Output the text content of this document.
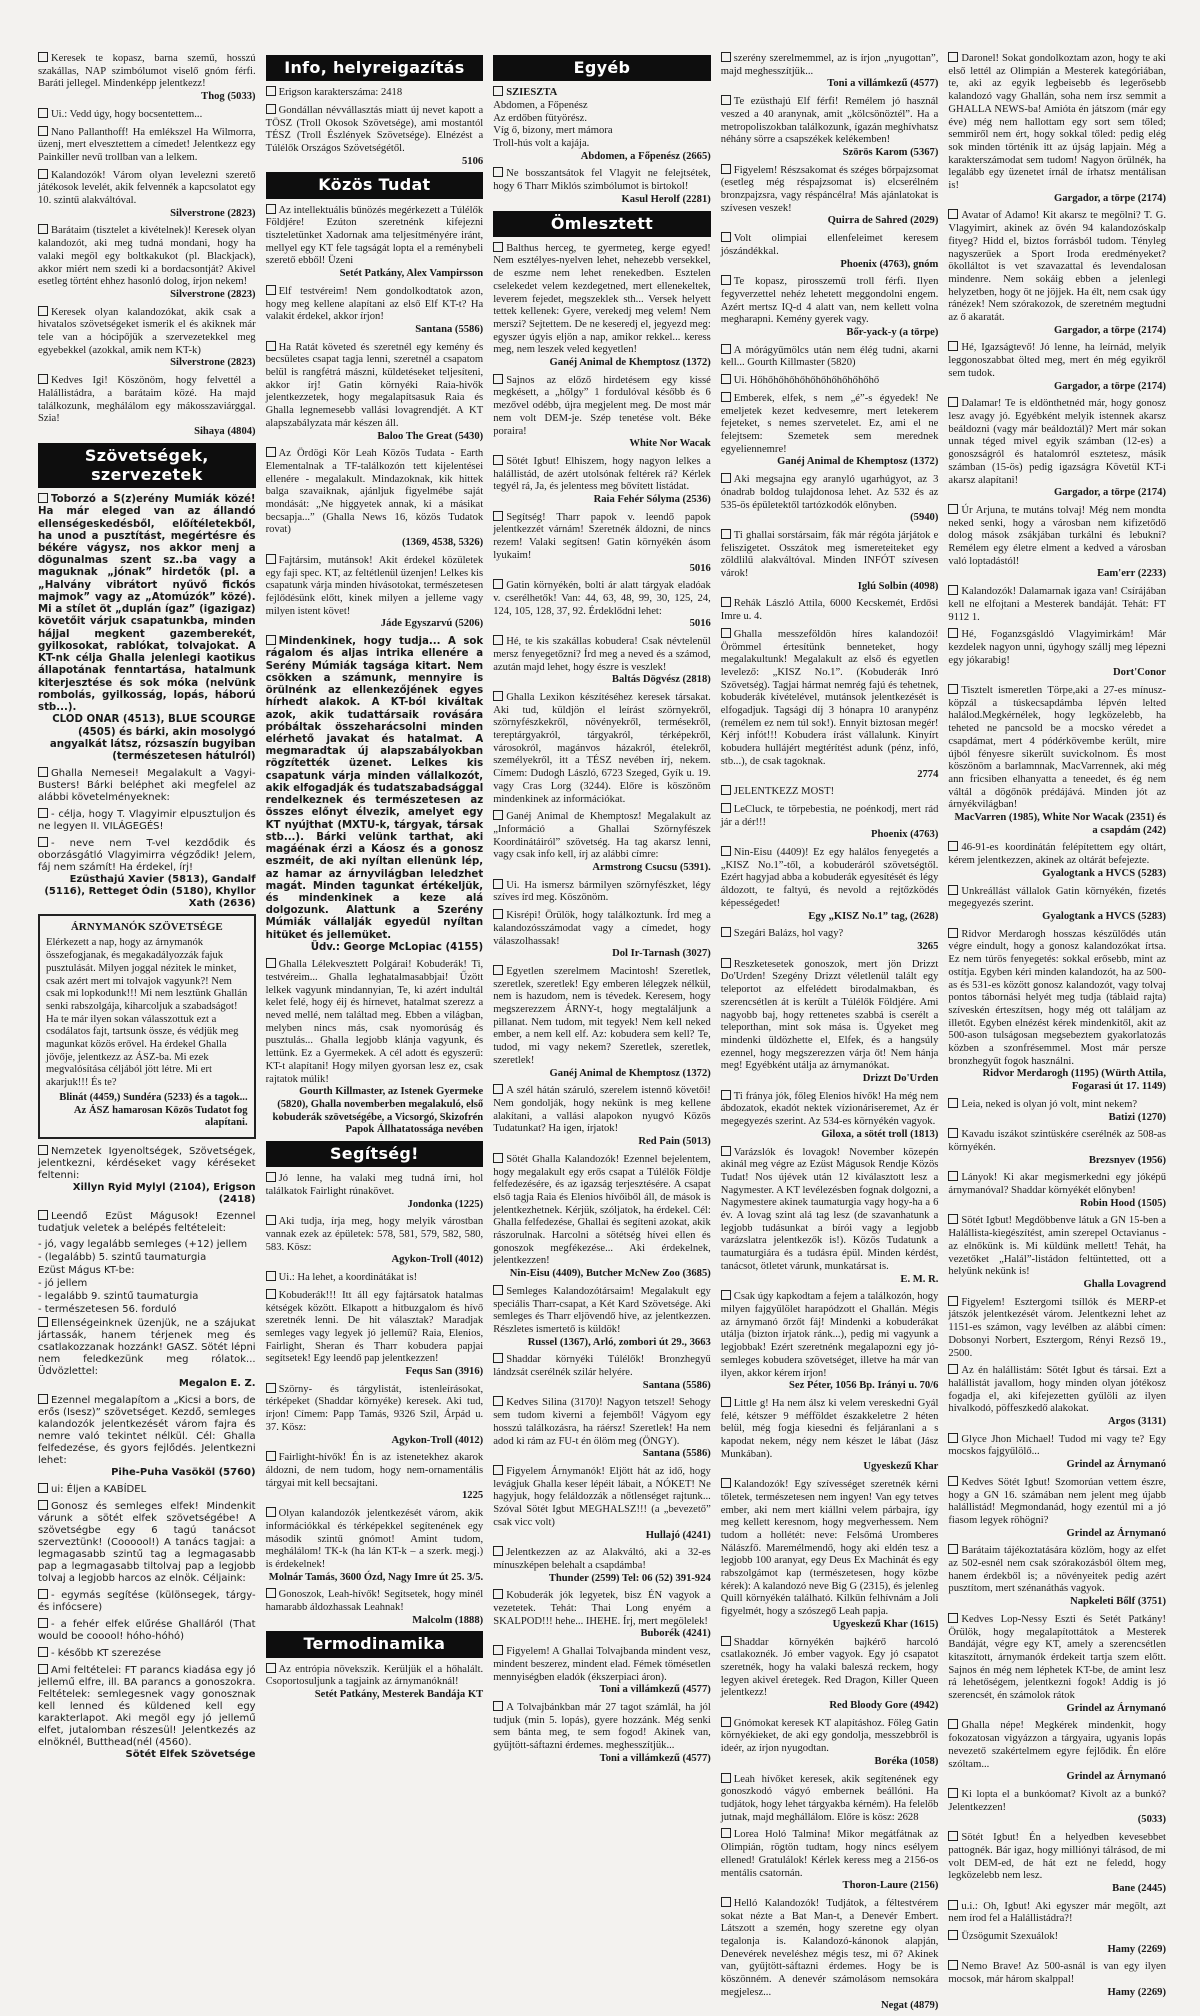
Keresek te kopasz, barna szemű, hosszú szakállas, NAP szimbólumot viselő gnóm férfi. Baráti jellegel. Mindenképp jelentkezz!
Thog (5033)

Ui.: Vedd úgy, hogy bocsentettem...

Nano Pallanthoff! Ha emlékszel Ha Wilmorra, üzenj, mert elvesztettem a címedet! Jelentkezz egy Painkiller nevű trollban van a lelkem.

Kalandozók! Várom olyan levelezni szerető játékosok levelét, akik felvennék a kapcsolatot egy 10. szintű alakváltóval.
Silverstrone (2823)

Barátaim (tisztelet a kivételnek)! Keresek olyan kalandozót, aki meg tudná mondani, hogy ha valaki megöl egy boltkakukot (pl. Blackjack), akkor miért nem szedi ki a bordacsontját? Akivel esetleg történt ehhez hasonló dolog, írjon nekem!
Silverstrone (2823)

Keresek olyan kalandozókat, akik csak a hivatalos szövetségeket ismerik el és akiknek már tele van a hócipőjük a szervezetekkel meg egyebekkel (azokkal, amik nem KT-k)
Silverstrone (2823)

Kedves Igi! Köszönöm, hogy felvettél a Halállistádra, a barátaim közé. Ha majd találkozunk, meghálálom egy mákosszaviárggal. Szia!
Sihaya (4804)

Szövetségek, szervezetek

Toborzó a S(z)erény Mumiák közé! Ha már eleged van az állandó ellenségeskedésből, előítéletekből, ha unod a pusztítást, megértésre és békére vágysz, nos akkor menj a dögunalmas szent sz..ba vagy a maguknak „jónak” hirdetők (pl. a „Halvány vibrátort nyűvő fickós majmok” vagy az „Atomúzók” közé). Mi a stílet öt „duplán ígaz” (igazigaz) követőit várjuk csapatunkba, minden hájjal megkent gazemberekét, gyilkosokat, rablókat, tolvajokat. A KT-nk célja Ghalla jelenlegi kaotikus állapotának fenntartása, hatalmunk kiterjesztése és sok móka (nelvünk rombolás, gyilkosság, lopás, háború stb...).
CLOD ONAR (4513), BLUE SCOURGE (4505) és bárki, akin mosolygó angyalkát látsz, rózsaszín bugyiban (természetesen hátulról)

Ghalla Nemesei! Megalakult a Vagyi-Busters! Bárki beléphet aki megfelel az alábbi követelményeknek:

- célja, hogy T. Vlagyimir elpusztuljon és ne legyen II. VILÁGEGÉS!

- neve nem T-vel kezdődik és oborzásgátló Vlagyimirra végződik! Jelem, fáj nem számít! Ha érdekel, írj!
Ezüsthajú Xavier (5813), Gandalf (5116), Retteget Ódin (5180), Khyllor Xath (2636)

ÁRNYMANÓK SZÖVETSÉGE

Elérkezett a nap, hogy az árnymanók összefogjanak, és megakadályozzák fajuk pusztulását. Milyen joggal nézitek le minket, csak azért mert mi tolvajok vagyunk?! Nem csak mi lopkodunk!!! Mi nem lesztünk Ghallán senki rabszolgája, kiharcoljuk a szabadságot! Ha te már ilyen sokan válasszottuk ezt a csodálatos fajt, tartsunk össze, és védjük meg magunkat közös erővel. Ha érdekel Ghalla jövője, jelentkezz az ÁSZ-ba. Mi ezek megvalósítása céljából jött létre. Mi ert akarjuk!!! És te?

Blinát (4459,) Sundéra (5233) és a tagok... Az ÁSZ hamarosan Közös Tudatot fog alapítani.

Nemzetek Igyenoltségek, Szövetségek, jelentkezni, kérdéseket vagy kéréseket feltenni:
Xillyn Ryid Mylyl (2104), Erigson (2418)

Leendő Ezüst Mágusok! Ezennel tudatjuk veletek a belépés feltételeit:

- jó, vagy legalább semleges (+12) jellem
- (legalább) 5. szintű taumaturgia
Ezüst Mágus KT-be:
- jó jellem
- legalább 9. szintű taumaturgia
- természetesen 56. forduló

Ellenségeinknek üzenjük, ne a szájukat jártassák, hanem térjenek meg és csatlakozzanak hozzánk! GASZ. Sötét lépni nem feledkezünk meg rólatok... Üdvözlettel:
Megalon E. Z.

Ezennel megalapítom a „Kicsi a bors, de erős (Isesz)” szövetséget. Kezdő, semleges kalandozók jelentkezését várom fajra és nemre való tekintet nélkül. Cél: Ghalla felfedezése, és gyors fejlődés. Jelentkezni lehet:
Pihe-Puha Vasököl (5760)

ui: Éljen a KABÍDEL

Gonosz és semleges elfek! Mindenkit várunk a sötét elfek szövetségébe! A szövetségbe egy 6 tagú tanácsot szerveztünk! (Coooool!) A tanács tagjai: a legmagasabb szintű tag a legmagasabb pap a legmagasabb tiltolvaj pap a legjobb tolvaj a legjobb harcos az elnök. Céljaink:

- egymás segítése (különsegek, tárgy- és infócsere)

- a fehér elfek elűrése Ghalláról (That would be cooool! hóho-hóhó)

- később KT szerezése

Ami feltételei: FT parancs kiadása egy jó jellemű elfre, ill. BA parancs a gonoszokra. Feltételek: semlegesnek vagy gonosznak kell lenned és küldened kell egy karakterlapot. Aki megöl egy jó jellemű elfet, jutalomban részesül! Jelentkezés az elnöknél, Butthead(nél (4560).
Sötét Elfek Szövetsége

Info, helyreigazítás

Erigson karakterszáma: 2418

Gondállan névvállasztás miatt új nevet kapott a TÖSZ (Troll Okosok Szövetsége), ami mostantól TÉSZ (Troll Észlények Szövetsége). Elnézést a Túlélők Országos Szövetségétől.
5106

Közös Tudat

Az intellektuális bűnözés megérkezett a Túlélők Földjére! Ezúton szeretnénk kifejezni tiszteletünket Xadornak ama teljesítményére iránt, mellyel egy KT fele tagságát lopta el a reménybeli szerető ebből! Üzeni
Setét Patkány, Alex Vampirsson

Elf testvéreim! Nem gondolkodtatok azon, hogy meg kellene alapítani az első Elf KT-t? Ha valakit érdekel, akkor írjon!
Santana (5586)

Ha Ratát követed és szeretnél egy kemény és becsületes csapat tagja lenni, szeretnél a csapatom belül is rangfétrá mászni, küldetéseket teljesíteni, akkor írj! Gatin környéki Raia-hivők jelentkezzetek, hogy megalapítsasuk Raia és Ghalla legnemesebb vallási lovagrendjét. A KT alapszabályzata már készen áll.
Baloo The Great (5430)

Az Ördögi Kör Leah Közös Tudata - Earth Elementalnak a TF-találkozón tett kijelentései ellenére - megalakult. Mindazoknak, kik hittek balga szavaiknak, ajánljuk figyelmébe saját mondását: „Ne higgyetek annak, ki a másikat becsapja...” (Ghalla News 16, közös Tudatok rovat)
(1369, 4538, 5326)

Fajtársim, mutánsok! Akit érdekel közületek egy faji spec. KT, az feltétlenül üzenjen! Lelkes kis csapatunk várja minden hívásotokat, természetesen fejlődésünk előtt, kinek milyen a jelleme vagy milyen istent követ!
Jáde Egyszarvú (5206)

Mindenkinek, hogy tudja... A sok rágalom és aljas intrika ellenére a Serény Múmiák tagsága kitart. Nem csökken a számunk, mennyire is örülnénk az ellenkezőjének egyes hírhedt alakok. A KT-ból kiváltak azok, akik tudattársaik rovására próbáltak összeharácsolni minden elérhető javakat és hatalmat. A megmaradtak új alapszabályokban rögzítették üzenet. Lelkes kis csapatunk várja minden vállalkozót, akik elfogadják és tudatszabadsággal rendelkeznek és természetesen az összes előnyt élvezik, amelyet egy KT nyújthat (MXTU-k, tárgyak, társak stb...). Bárki velünk tarthat, aki magáénak érzi a Káosz és a gonosz eszméit, de aki nyíltan ellenünk lép, az hamar az árnyvilágban leledzhet magát. Minden tagunkat értékeljük, és mindenkinek a keze alá dolgozunk. Alattunk a Szerény Múmiák vállalják egyedül nyíltan hitüket és jellemüket.
Üdv.: George McLopiac (4155)

Ghalla Lélekvesztett Polgárai! Kobuderák! Ti, testvéreim... Ghalla leghatalmasabbjai! Űzött lelkek vagyunk mindannyian, Te, ki azért indultál kelet felé, hogy éij és hírnevet, hatalmat szerezz a neved mellé, nem találtad meg. Ebben a világban, melyben nincs más, csak nyomorúság és pusztulás... Ghalla legjobb klánja vagyunk, és lettünk. Ez a Gyermekek. A cél adott és egyszerű: KT-t alapítani! Hogy milyen gyorsan lesz ez, csak rajtatok múlik!
Gourth Killmaster, az Istenek Gyermeke (5820), Ghalla novemberben megalakuló, első kobuderák szövetségébe, a Vicsorgó, Skizofrén Papok Állhatatossága nevében

Segítség!

Jó lenne, ha valaki meg tudná írni, hol találkatok Fairlight rúnakövet.
Jondonka (1225)

Aki tudja, írja meg, hogy melyik várostban vannak ezek az épületek: 578, 581, 579, 582, 580, 583. Kösz:
Agykon-Troll (4012)

Ui.: Ha lehet, a koordinátákat is!

Kobuderák!!! Itt áll egy fajtársatok hatalmas kétségek között. Elkapott a hitbuzgalom és hívő szeretnék lenni. De hit választak? Maradjak semleges vagy legyek jó jellemű? Raia, Elenios, Fairlight, Sheran és Tharr kobudera papjai segítsetek! Egy leendő pap jelentkezzen!
Fequs San (3916)

Szörny- és tárgylistát, istenleírásokat, térképeket (Shaddar környéke) keresek. Aki tud, írjon! Címem: Papp Tamás, 9326 Szil, Árpád u. 37. Kösz:
Agykon-Troll (4012)

Fairlight-hívők! Én is az istenetekhez akarok áldozni, de nem tudom, hogy nem-ornamentális tárgyai mit kell becsajtani.
1225

Olyan kalandozók jelentkezését várom, akik információkkal és térképekkel segítenének egy második szintű gnómot! Amint tudom, meghálálom! TK-k (ha lán KT-k – a szerk. megj.) is érdekelnek!
Molnár Tamás, 3600 Ózd, Nagy Imre út 25. 3/5.

Gonoszok, Leah-hívők! Segítsetek, hogy minél hamarabb áldozhassak Leahnak!
Malcolm (1888)

Termodinamika

Az entrópia növekszik. Kerüljük el a hőhalált. Csoportosuljunk a tagjaink az árnymanóknál!
Setét Patkány, Mesterek Bandája KT

Egyéb

SZIESZTA
Abdomen, a Főpenész
Az erdőben fütyörész.
Víg ő, bizony, mert mámora
Troll-hús volt a kajája.
Abdomen, a Főpenész (2665)

Ne bosszantsátok fel Vlagyit ne felejtsétek, hogy 6 Tharr Miklós szimbólumot is birtokol!
Kasul Herolf (2281)

Ömlesztett

Balthus herceg, te gyermeteg, kerge egyed! Nem esztélyes-nyelven lehet, nehezebb versekkel, de eszme nem lehet renekedben. Esztelen cselekedet velem kezdegetned, mert ellenekeltek, leverem fejedet, megszeklek sth... Versek helyett tettek kellenek: Gyere, verekedj meg velem! Nem merszi? Sejtettem. De ne keseredj el, jegyezd meg: egyszer úgyis eljön a nap, amikor rekkel... keress meg, nem leszek veled kegyetlen!
Ganéj Animal de Khemptosz (1372)

Sajnos az előző hirdetésem egy kissé megkésett, a „hőlgy” 1 fordulóval később és 6 mezővel odébb, újra megjelent meg. De most már nem volt DEM-je. Szép tenetése volt. Béke poraira!
White Nor Wacak

Sötét Igbut! Elhiszem, hogy nagyon lelkes a halállistád, de azért utolsónak feltérek rá? Kérlek tegyél rá, Ja, és jelentess meg bővített listádat.
Raia Fehér Sólyma (2536)

Segítség! Tharr papok v. leendő papok jelentkezzét várnám! Szeretnék áldozni, de nincs rezem! Valaki segítsen! Gatin környékén ásom lyukaim!
5016

Gatin környékén, bolti ár alatt tárgyak eladóak v. cserélhetők! Van: 44, 63, 48, 99, 30, 125, 24, 124, 105, 128, 37, 92. Érdeklődni lehet:
5016

Hé, te kis szakállas kobudera! Csak névtelenül mersz fenyegetőzni? Írd meg a neved és a számod, azután majd lehet, hogy észre is veszlek!
Baltás Dögvész (2818)

Ghalla Lexikon készítéséhez keresek társakat. Aki tud, küldjön el leírást szörnyekről, szörnyfészkekről, növényekről, termésekről, tereptárgyakról, tárgyakról, térképekről, városokról, magánvos házakról, ételekről, személyekről, itt a TÉSZ nevében írj, nekem. Címem: Dudogh László, 6723 Szeged, Gyík u. 19. vagy Cras Lorg (3244). Előre is köszönöm mindenkinek az információkat.

Ganéj Animal de Khemptosz! Megalakult az „Információ a Ghallai Szörnyfészek Koordinátáiról” szövetség. Ha tag akarsz lenni, vagy csak info kell, írj az alábbi címre:
Armstrong Csucsu (5391).

Ui. Ha ismersz bármilyen szörnyfészket, légy szíves írd meg. Köszönöm.

Kisrépi! Örülök, hogy találkoztunk. Írd meg a kalandozósszámodat vagy a címedet, hogy válaszolhassak!
Dol Ir-Tarnash (3027)

Egyetlen szerelmem Macintosh! Szeretlek, szeretlek, szeretlek! Egy emberen lélegzek nélkül, nem is hazudom, nem is tévedek. Keresem, hogy megszerezzem ÁRNY-t, hogy megtaláljunk a pillanat. Nem tudom, mit tegyek! Nem kell neked ember, a nem kell elf. Az: kobudera sem kell? Te, tudod, mi vagy nekem? Szeretlek, szeretlek, szeretlek!
Ganéj Animal de Khemptosz (1372)

A szél hátán száruló, szerelem istennő követői! Nem gondolják, hogy nekünk is meg kellene alakítani, a vallási alapokon nyugvó Közös Tudatunkat? Ha igen, írjatok!
Red Pain (5013)

Sötét Ghalla Kalandozók! Ezennel bejelentem, hogy megalakult egy erős csapat a Túlélők Földje felfedezésére, és az igazság terjesztésére. A csapat első tagja Raia és Elenios hívőiből áll, de mások is jelentkezhetnek. Kérjük, szóljatok, ha érdekel. Cél: Ghalla felfedezése, Ghallai és segíteni azokat, akik rászorulnak. Harcolni a sötétség hívei ellen és gonoszok megfékezése... Aki érdekelnek, jelentkezzen!
Nin-Eisu (4409), Butcher McNew Zoo (3685)

Semleges Kalandozótársaim! Megalakult egy speciális Tharr-csapat, a Két Kard Szövetsége. Aki semleges és Tharr eljövendő híve, az jelentkezzen. Részletes ismertető is küldök!
Russel (1367), Arló, zombori út 29., 3663

Shaddar környéki Túlélők! Bronzhegyű lándzsát cserélnék szilár helyére.
Santana (5586)

Kedves Silina (3170)! Nagyon tetszel! Sehogy sem tudom kiverni a fejemből! Vágyom egy hosszú találkozásra, ha ráérsz! Szeretlek! Ha nem adod ki rám az FU-t én ölöm meg (ÖNGY).
Santana (5586)

Figyelem Árnymanók! Eljött hát az idő, hogy levágjuk Ghalla keser lépéit lábait, a NÓKET! Ne hagyjuk, hogy feláldozzák a nőtlenséget rajtunk... Szóval Sötét Igbut MEGHALSZ!!! (a „bevezető” csak vicc volt)
Hullajó (4241)

Jelentkezzen az az Alakváltó, aki a 32-es mínuszképen belehalt a csapdámba!
Thunder (2599) Tel: 06 (52) 391-924

Kobuderák jók legyetek, bisz ÉN vagyok a vezetetek. Tehát: Thai Long enyém a SKALPOD!!! hehe... IHEHE. Írj, mert megölelek!
Buborék (4241)

Figyelem! A Ghallai Tolvajbanda mindent vesz, mindent beszerez, mindent elad. Fémek tömésetlen mennyiségben eladók (ékszerpiaci áron).
Toni a villámkezű (4577)

A Tolvajbánkban már 27 tagot számlál, ha jól tudjuk (min 5. lopás), gyere hozzánk. Még senki sem bánta meg, te sem fogod! Akinek van, gyűjtött-sáftazni érdemes. meghesszítjük...
Toni a villámkezű (4577)

szerény szerelmemmel, az is írjon „nyugottan”, majd meghesszítjük...
Toni a villámkezű (4577)

Te ezüsthajú Elf férfi! Remélem jó használ veszed a 40 aranynak, amit „kölcsönöztél”. Ha a metropoliszokban találkozunk, ígazán meghívhatsz néhány sörre a csapszékek kelékemben!
Szörös Karom (5367)

Figyelem! Részsakomat és széges bőrpajzsomat (esetleg még réspajzsomat is) elcserélném bronzpajzsra, vagy réspáncélra! Más ajánlatokat is szívesen veszek!
Quirra de Sahred (2029)

Volt olimpiai ellenfeleimet keresem jószándékkal.
Phoenix (4763), gnóm

Te kopasz, pirosszemű troll férfi. Ilyen fegyverzettel nehéz lehetett meggondolni engem. Azért mertsz IQ-d 4 alatt van, nem kellett volna megharapni. Kemény gyerek vagy.
Bőr-yack-y (a törpe)

A mórágyűmölcs után nem élég tudni, akarni kell... Gourth Killmaster (5820)

Ui. Hőhőhőhőhőhőhőhőhőhőhőhő

Emberek, elfek, s nem „é”-s égyedek! Ne emeljetek kezet kedvesemre, mert letekerem fejeteket, s nemes szervetelet. Ez, ami el ne felejtsem: Szemetek sem merednek egyeliennemre!
Ganéj Animal de Khemptosz (1372)

Aki megsajna egy aranyló ugarhúgyot, az 3 ónadrab boldog tulajdonosa lehet. Az 532 és az 535-ös épületektől tartózkodók előnyben.
(5940)

Ti ghallai sorstársaim, fák már régóta járjátok e feliszigetet. Osszátok meg ismereteiteket egy zöldlilű alakváltóval. Minden INFÓT szívesen várok!
Iglú Solbin (4098)

Rehák László Attila, 6000 Kecskemét, Erdősi Imre u. 4.

Ghalla messzeföldön híres kalandozói! Örömmel értesítünk benneteket, hogy megalakultunk! Megalakult az első és egyetlen levelező: „KISZ No.1”. (Kobuderák Inró Szövetség). Tagjai hármat nemrég fajú és tehetnek, kobuderák kívételével, mutánsok jelentkezését is elfogadjuk. Tagsági díj 3 hónapra 10 aranypénz (remélem ez nem túl sok!). Ennyit biztosan megér! Kérj infót!!! Kobudera írást vállalunk. Kinyírt kobudera hullájért megtérítést adunk (pénz, infó, stb...), de csak tagoknak.
2774

JELENTKEZZ MOST!

LeCluck, te törpebestia, ne poénkodj, mert rád jár a dér!!!
Phoenix (4763)

Nin-Eisu (4409)! Ez egy halálos fenyegetés a „KISZ No.1”-től, a kobuderáról szövetségtől. Ezért hagyjad abba a kobuderák egyesítését és légy áldozott, te faltyú, és nevold a rejtőzködés képességedet!
Egy „KISZ No.1” tag, (2628)

Szegári Balázs, hol vagy?
3265

Reszketesetek gonoszok, mert jön Drizzt Do'Urden! Szegény Drizzt véletlenül talált egy teleportot az elfelédett birodalmakban, és szerencsétlen át is került a Túlélők Földjére. Ami nagyobb baj, hogy rettenetes szabbá is cserélt a teleporthan, mint sok mása is. Ügyeket meg mindenki üldözhette el, Elfek, és a hangsúly ezennel, hogy megszerezzen várja őt! Nem hánja meg! Egyébként utálja az árnymanókat.
Drizzt Do'Urden

Ti fránya jók, főleg Elenios hívők! Ha még nem ábdozatok, ekadót nektek vízionáriseremet, Az ér megegyezés szerint. Az 534-es környékén vagyok.
Giloxa, a sötét troll (1813)

Varázslók és lovagok! November közepén akinál meg végre az Ezüst Mágusok Rendje Közös Tudat! Nos újévek után 12 kiválasztott lesz a Nagymester. A KT levélezésben fognak dolgozni, a Nagymestere akinek taumaturgia vagy hogy-ha a 6 év. A lovag szint alá tag lesz (de szavanhatunk a legjobb tudásunkat a bírói vagy a legjobb varázslatra jelentkezők is!). Közös Tudatunk a taumaturgiára és a tudásra épül. Minden kérdést, tanácsot, ötletet várunk, munkatársat is.
E. M. R.

Csak úgy kapkodtam a fejem a találkozón, hogy milyen fajgyűlölet harapódzott el Ghallán. Mégis az árnymanó őrzőt fáj! Mindenki a kobuderákat utálja (bizton írjatok ránk...), pedig mi vagyunk a legjobbak! Ezért szeretnénk megalapozni egy jó-semleges kobudera szövetséget, illetve ha már van ilyen, akkor kérem írjon!
Sez Péter, 1056 Bp. Irányi u. 70/6

Little g! Ha nem álsz ki velem vereskedni Gyál felé, kétszer 9 méfföldet északkeletre 2 héten belül, még fogja kiesedni és feljáranlani a s kapodat nekem, négy nem készet le lábat (Jász Munkában).
Ugyeskezű Khar

Kalandozók! Egy szívességet szeretnék kérni tőletek, természetesen nem ingyen! Van egy tetves ember, aki nem mert kiállni velem párbajra, így meg kellett keresnom, hogy megverhessem. Nem tudom a hollétét: neve: Felsőmá Uromberes Nálászfő. Maremélmendő, hogy aki eldén tesz a legjobb 100 aranyat, egy Deus Ex Machinát és egy rabszolgámot kap (természetesen, hogy közbe kérek): A kalandozó neve Big G (2315), és jelenleg Quill környékén található. Kilkűn felhívnám a Joli figyelmét, hogy a szószegő Leah papja.
Ugyeskezű Khar (1615)

Shaddar környékén bajkérő harcoló csatlakoznék. Jó ember vagyok. Egy jó csapatot szeretnék, hogy ha valaki baleszá reckem, hogy legyen akivel éretegek. Red Dragon, Killer Queen jelentkezz!
Red Bloody Gore (4942)

Gnómokat keresek KT alapításhoz. Főleg Gatin környékieket, de aki egy gondolja, messzebbről is ideér, az írjon nyugodtan.
Boréka (1058)

Leah hívőket keresek, akik segítenének egy gonoszkodó vágyó embernek beállóni. Ha tudjátok, hogy lehet tárgyakba kérném). Ha felelőb jutnak, majd meghállálom. Előre is kösz: 2628

Lorea Holó Talmina! Mikor megátfátnak az Olimpián, rögtön tudtam, hogy nincs esélyem ellened! Gratulálok! Kérlek keress meg a 2156-os mentális csatornán.
Thoron-Laure (2156)

Helló Kalandozók! Tudjátok, a féltestvérem sokat nézte a Bat Man-t, a Denevér Embert. Látszott a szemén, hogy szeretne egy olyan tegalonja is. Kalandozó-kánonok alapján, Denevérek neveléshez mégis tesz, mi ő? Akinek van, gyűjtött-sáftazni érdemes. Hogy be is köszönném. A denevér számolásom nemsokára megjelesz...
Negat (4879)

Daronel! Sokat gondolkoztam azon, hogy te aki első lettél az Olimpián a Mesterek kategóriában, te, aki az egyik legbeisebb és legerősebb kalandozó vagy Ghallán, soha nem írsz semmit a GHALLA NEWS-ba! Amióta én játszom (már egy éve) még nem hallottam egy sort sem tőled; semmiről nem ért, hogy sokkal tőled: pedig elég sok minden történik itt az újság lapjain. Még a karakterszámodat sem tudom! Nagyon örülnék, ha legalább egy üzenetet írnál de írhatsz mentálisan is!
Gargador, a törpe (2174)

Avatar of Adamo! Kit akarsz te megölni? T. G. Vlagyimirt, akinek az övén 94 kalandozóskalp fityeg? Hidd el, biztos forrásból tudom. Tényleg nagyszerűek a Sport Iroda eredményeket? ökolláltot is vet szavazattal és levendalosan mindenre. Nem sokáig ebben a jelenlegi helyzetben, hogy öt ne jöjjek. Ha élt, nem csak úgy ránézek! Nem szórakozok, de szeretném megtudni az ő akaratát.
Gargador, a törpe (2174)

Hé, Igazságtevő! Jó lenne, ha leírnád, melyik leggonoszabbat ölted meg, mert én még egyikről sem tudok.
Gargador, a törpe (2174)

Dalamar! Te is eldönthetnéd már, hogy gonosz lesz avagy jó. Egyébként melyik istennek akarsz beáldozni (vagy már beáldoztál)? Mert már sokan unnak téged mivel egyik számban (12-es) a gonoszságról és hatalomról esztetesz, másik számban (15-ös) pedig igazságra Követül KT-i akarsz alapítani!
Gargador, a törpe (2174)

Úr Arjuna, te mutáns tolvaj! Még nem mondta neked senki, hogy a városban nem kifizetődő dolog mások zsákjában turkálni és lebukni? Remélem egy életre elment a kedved a városban való loptadástól!
Eam'err (2233)

Kalandozók! Dalamarnak igaza van! Csírájában kell ne elfojtani a Mesterek bandáját. Tehát: FT 9112 1.

Hé, Foganzsgásldó Vlagyimirkám! Már kezdelek nagyon unni, úgyhogy szállj meg lépezni egy jókarabig!
Dort'Conor

Tisztelt ismeretlen Törpe,aki a 27-es mínusz-köpzál a túskecsapdámba lépvén lelted halálod.Megkérnélek, hogy legközelebb, ha teheted ne pancsold be a mocsko véredet a csapdámat, mert 4 pódérkövembe került, mire újból fényesre sikerült suvickolnom. És most köszönöm a barlamnnak, MacVarrennek, aki még ann fricsiben elhanyatta a teneedet, és ég nem váltál a dögőnök prédájává. Minden jót az árnyékvilágban!
MacVarren (1985), White Nor Wacak (2351) és a csapdám (242)

46-91-es koordinátán felépítettem egy oltárt, kérem jelentkezzen, akinek az oltárát befejezte.
Gyalogtank a HVCS (5283)

Unkreállást vállalok Gatin környékén, fizetés megegyezés szerint.
Gyalogtank a HVCS (5283)

Ridvor Merdarogh hosszas készülődés után végre eindult, hogy a gonosz kalandozókat írtsa. Ez nem túrös fenyegetés: sokkal erősebb, mint az ostítja. Egyben kéri minden kalandozót, ha az 500-as és 531-es között gonosz kalandozót, vagy tolvaj pontos tábornási helyét meg tudja (táblaid rajta) szíveskén érteszítsen, hogy még ott találjam az illetőt. Egyben elnézést kérek mindenkitől, akit az 500-ason tulságosan megsebeztem gyakorlatozás közben a szonfrésemmel. Most már persze bronzhegyűt fogok használni.
Ridvor Merdarogh (1195) (Würth Attila, Fogarasi út 17. 1149)

Leia, neked is olyan jó volt, mint nekem?
Batizi (1270)

Kavadu iszákot szintüskére cserélnék az 508-as környékén.
Brezsnyev (1956)

Lányok! Ki akar megismerkedni egy jóképű árnymanóval? Shaddar környékét előnyben!
Robin Hood (1505)

Sötét Igbut! Megdöbbenve látuk a GN 15-ben a Halállista-kiegészítést, amin szerepel Octavianus - az elnőkünk is. Mi küldünk mellett! Tehát, ha vezetőket „Halál”-listádon feltüntetted, ott a helyünk nekünk is!
Ghalla Lovagrend

Figyelem! Esztergomi tsíllók és MERP-et játszók jelentkezését várom. Jelentkezni lehet az 1151-es számon, vagy levélben az alábbi címen: Dobsonyi Norbert, Esztergom, Rényi Rezső 19., 2500.

Az én halállistám: Sötét Igbut és társai. Ezt a halállistát javallom, hogy minden olyan jótékosz fogadja el, aki kifejezetten gyűlöli az ilyen hivalkodó, pöffeszkedő alakokat.
Argos (3131)

Glyce Jhon Michael! Tudod mi vagy te? Egy mocskos fajgyűlölő...
Grindel az Árnymanó

Kedves Sötét Igbut! Szomorúan vettem észre, hogy a GN 16. számában nem jelent meg újabb halállistád! Megmondanád, hogy ezentúl mi a jó fiasom legyek röhögni?
Grindel az Árnymanó

Barátaim tájékoztatására közlöm, hogy az elfet az 502-esnél nem csak szórakozásból öltem meg, hanem érdekből is; a növényeitek pedig azért pusztítom, mert szénanáthás vagyok.
Napkeleti Bőlf (3751)

Kedves Lop-Nessy Eszti és Setét Patkány! Örülök, hogy megalapítottátok a Mesterek Bandáját, végre egy KT, amely a szerencsétlen kitaszított, árnymanók érdekeit tartja szem előtt. Sajnos én még nem léphetek KT-be, de amint lesz rá lehetőségem, jelentkezni fogok! Addig is jó szerencsét, én számolok rátok
Grindel az Árnymanó

Ghalla népe! Megkérek mindenkit, hogy fokozatosan vigyázzon a tárgyaira, ugyanis lopás nevezető szakértelmem egyre fejlődik. Én előre szóltam...
Grindel az Árnymanó

Ki lopta el a bunkóomat? Kivolt az a bunkó? Jelentkezzen!
(5033)

Sötét Igbut! Én a helyedben kevesebbet pattognék. Bár igaz, hogy milliónyi tálrásod, de mi volt DEM-ed, de hát ezt ne feledd, hogy legközelebb nem lesz.
Bane (2445)

u.i.: Oh, Igbut! Aki egyszer már megölt, azt nem írod fel a Halállistádra?!

Üzsögumit Szexuálok!
Hamy (2269)

Nemo Brave! Az 500-asnál is van egy ilyen mocsok, már három skalppal!
Hamy (2269)
